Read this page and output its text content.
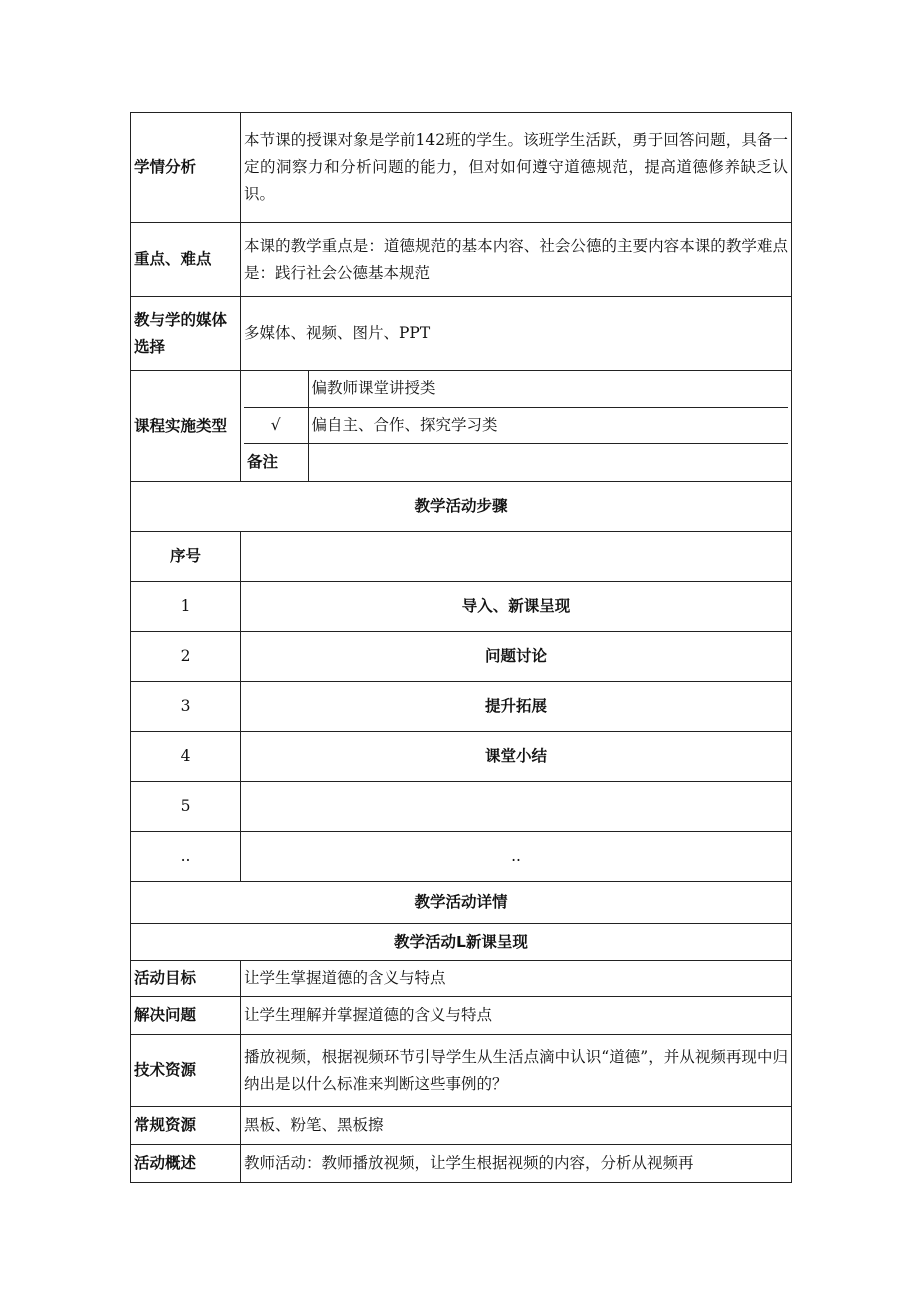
学情分析	本节课的授课对象是学前142班的学生。该班学生活跃，勇于回答问题，具备一定的洞察力和分析问题的能力，但对如何遵守道德规范，提高道德修养缺乏认识。
重点、难点	本课的教学重点是：道德规范的基本内容、社会公德的主要内容本课的教学难点是：践行社会公德基本规范
教与学的媒体选择	多媒体、视频、图片、PPT
课程实施类型	
	偏教师课堂讲授类
√	偏自主、合作、探究学习类
备注	

教学活动步骤
序号	
1	导入、新课呈现
2	问题讨论
3	提升拓展
4	课堂小结
5	
..	..
教学活动详情
教学活动L新课呈现
活动目标	让学生掌握道德的含义与特点
解决问题	让学生理解并掌握道德的含义与特点
技术资源	播放视频，根据视频环节引导学生从生活点滴中认识“道德”，并从视频再现中归纳出是以什么标准来判断这些事例的？
常规资源	黑板、粉笔、黑板擦
活动概述	教师活动：教师播放视频，让学生根据视频的内容，分析从视频再
